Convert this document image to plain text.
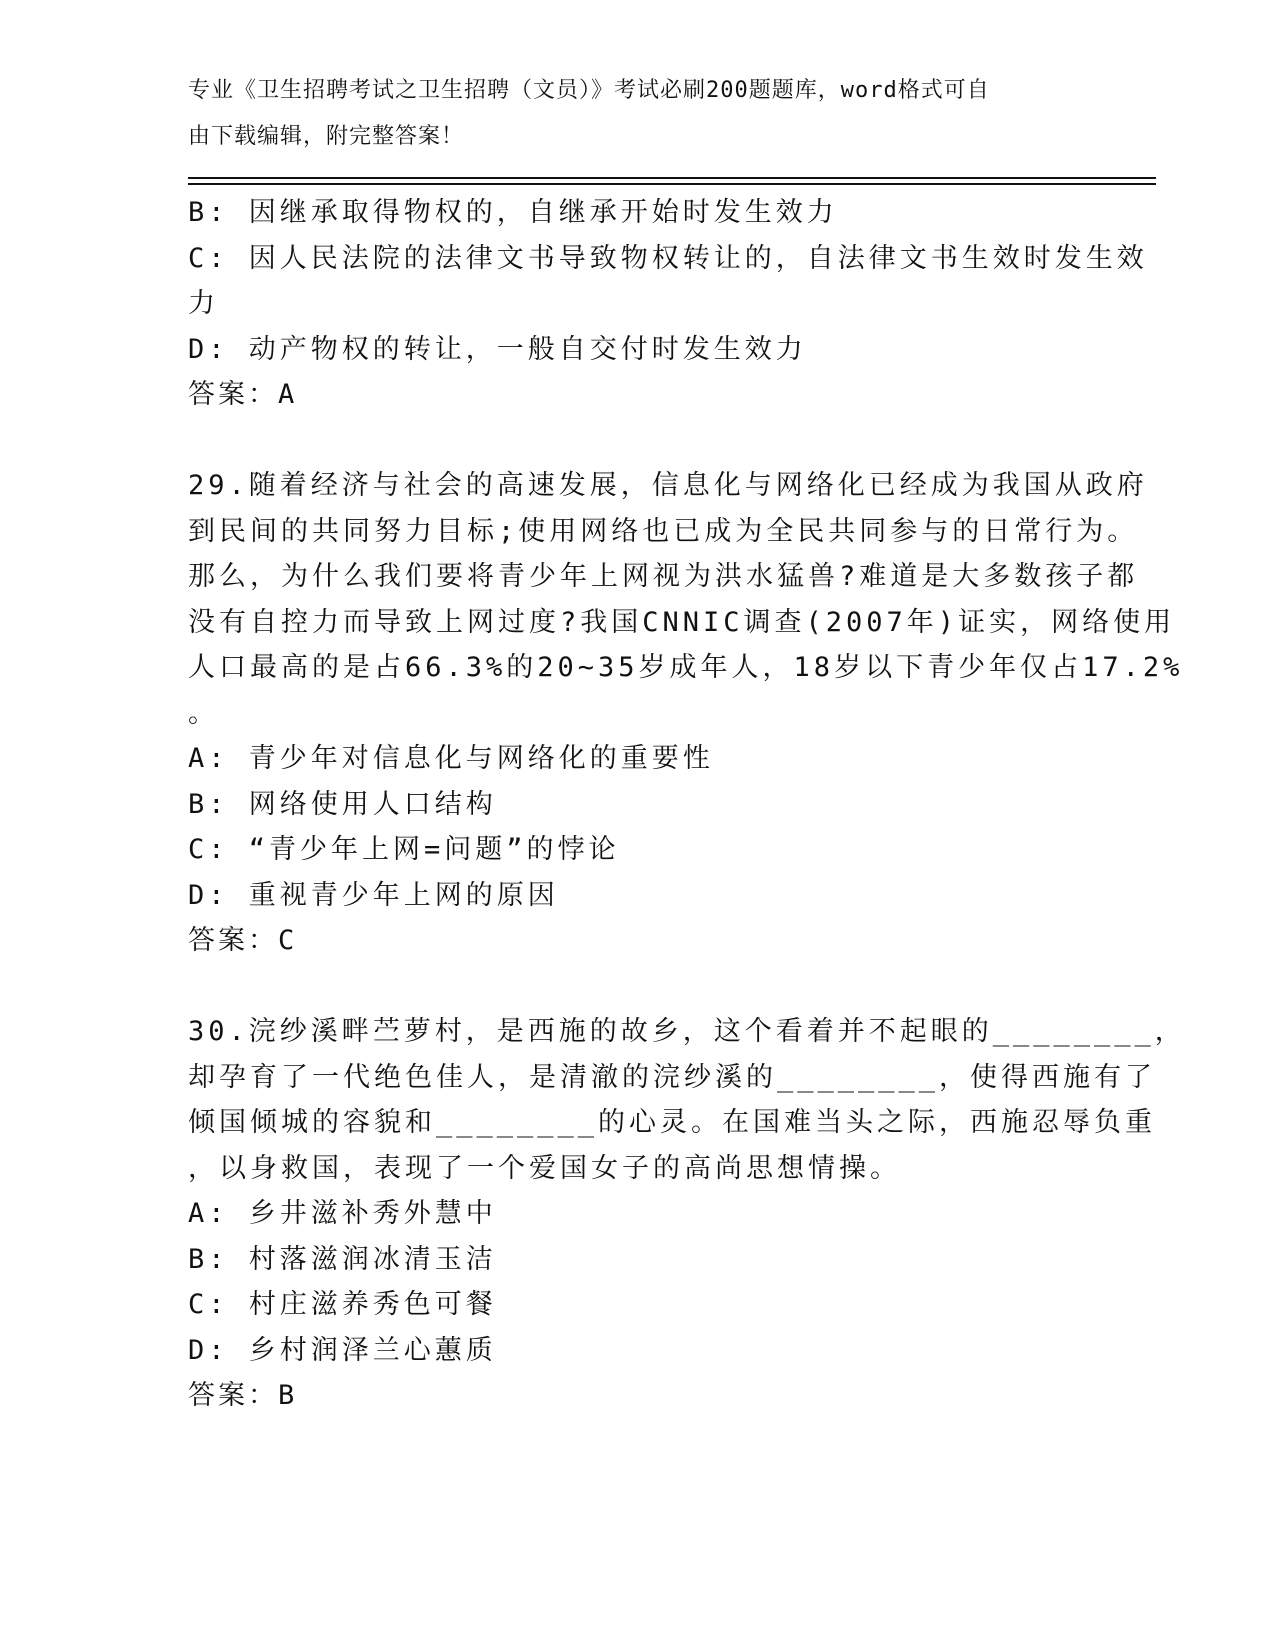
专业《卫生招聘考试之卫生招聘（文员）》考试必刷200题题库，word格式可自
由下载编辑，附完整答案！
B: 因继承取得物权的，自继承开始时发生效力
C: 因人民法院的法律文书导致物权转让的，自法律文书生效时发生效
力
D: 动产物权的转让，一般自交付时发生效力
答案：A
29.随着经济与社会的高速发展，信息化与网络化已经成为我国从政府
到民间的共同努力目标;使用网络也已成为全民共同参与的日常行为。
那么，为什么我们要将青少年上网视为洪水猛兽?难道是大多数孩子都
没有自控力而导致上网过度?我国CNNIC调查(2007年)证实，网络使用
人口最高的是占66.3%的20~35岁成年人，18岁以下青少年仅占17.2%
。
A: 青少年对信息化与网络化的重要性
B: 网络使用人口结构
C: “青少年上网=问题”的悖论
D: 重视青少年上网的原因
答案：C
30.浣纱溪畔苎萝村，是西施的故乡，这个看着并不起眼的________，
却孕育了一代绝色佳人，是清澈的浣纱溪的________，使得西施有了
倾国倾城的容貌和________的心灵。在国难当头之际，西施忍辱负重
，以身救国，表现了一个爱国女子的高尚思想情操。
A: 乡井滋补秀外慧中
B: 村落滋润冰清玉洁
C: 村庄滋养秀色可餐
D: 乡村润泽兰心蕙质
答案：B
